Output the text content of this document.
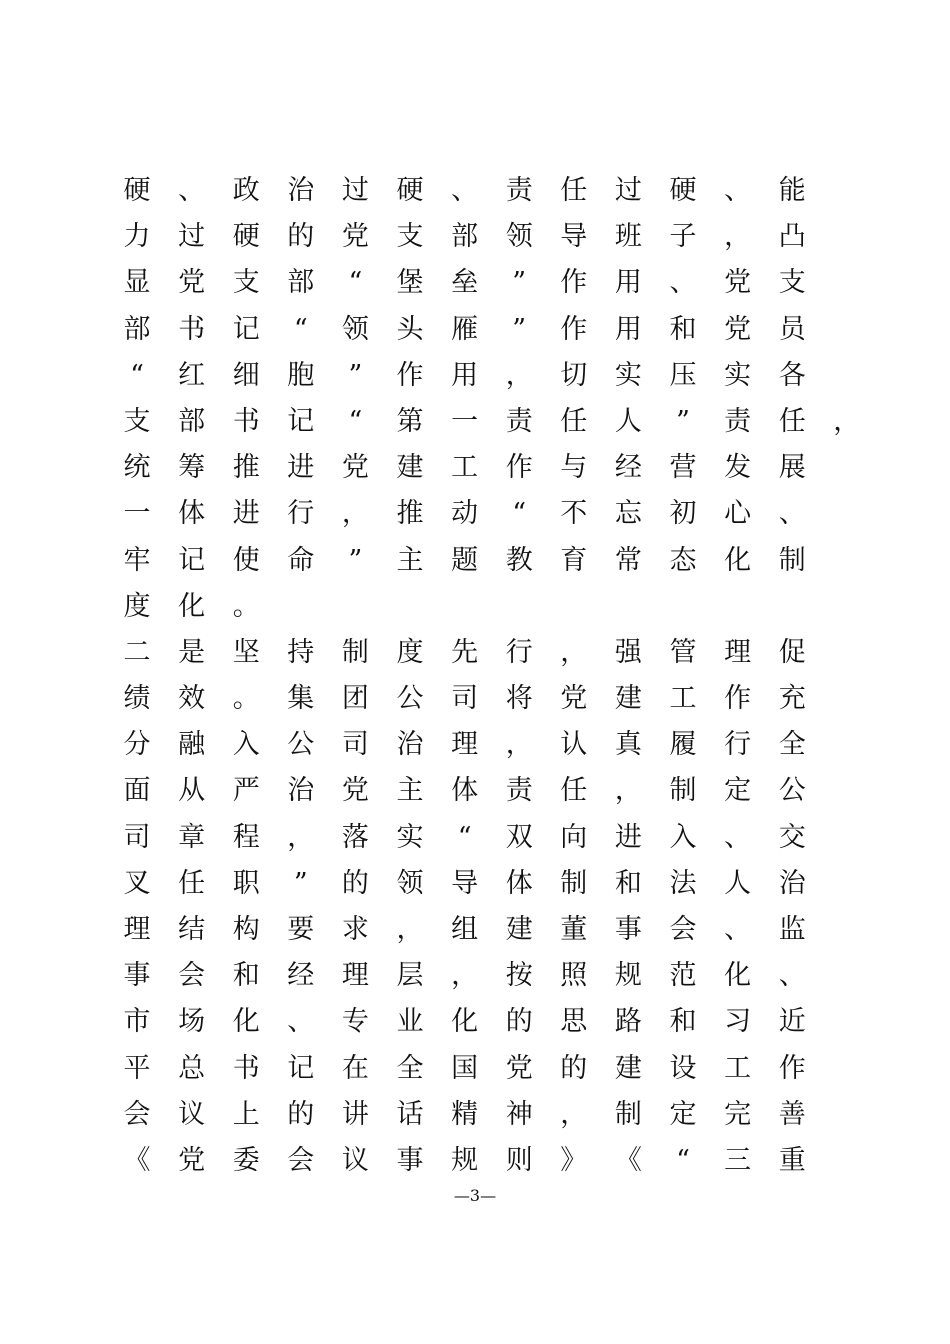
硬 、 政 治 过 硬 、 责 任 过 硬 、 能
力 过 硬 的 党 支 部 领 导 班 子 ， 凸
显 党 支 部 “ 堡 垒 ” 作 用 、 党 支
部 书 记 “ 领 头 雁 ” 作 用 和 党 员
“ 红 细 胞 ” 作 用 ， 切 实 压 实 各
支 部 书 记 “ 第 一 责 任 人 ” 责 任 ，
统 筹 推 进 党 建 工 作 与 经 营 发 展
一 体 进 行 ， 推 动 “ 不 忘 初 心 、
牢 记 使 命 ” 主 题 教 育 常 态 化 制
度 化 。
二 是 坚 持 制 度 先 行 ， 强 管 理 促
绩 效 。 集 团 公 司 将 党 建 工 作 充
分 融 入 公 司 治 理 ， 认 真 履 行 全
面 从 严 治 党 主 体 责 任 ， 制 定 公
司 章 程 ， 落 实 “ 双 向 进 入 、 交
叉 任 职 ” 的 领 导 体 制 和 法 人 治
理 结 构 要 求 ， 组 建 董 事 会 、 监
事 会 和 经 理 层 ， 按 照 规 范 化 、
市 场 化 、 专 业 化 的 思 路 和 习 近
平 总 书 记 在 全 国 党 的 建 设 工 作
会 议 上 的 讲 话 精 神 ， 制 定 完 善
《 党 委 会 议 事 规 则 》 《 “ 三 重
—3—
